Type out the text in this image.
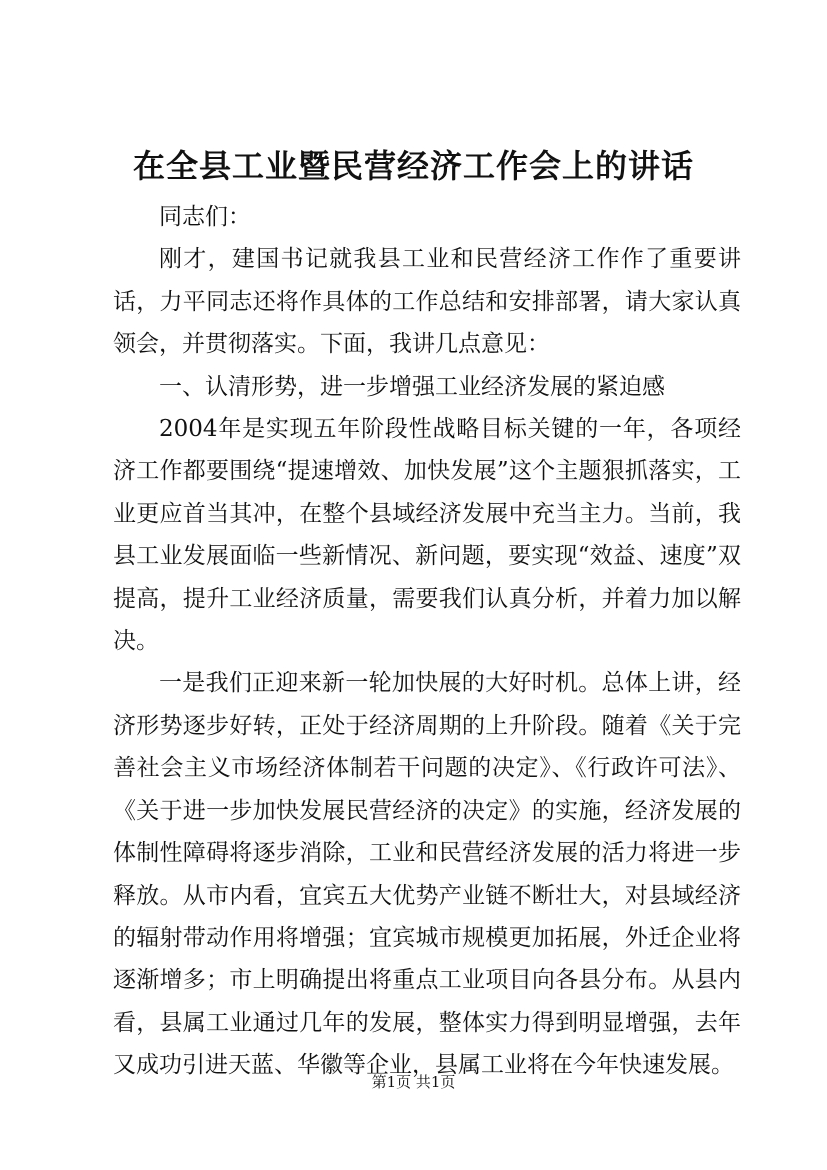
在全县工业暨民营经济工作会上的讲话

同志们：

刚才，建国书记就我县工业和民营经济工作作了重要讲话，力平同志还将作具体的工作总结和安排部署，请大家认真领会，并贯彻落实。下面，我讲几点意见：

一、认清形势，进一步增强工业经济发展的紧迫感

2004年是实现五年阶段性战略目标关键的一年，各项经济工作都要围绕“提速增效、加快发展”这个主题狠抓落实，工业更应首当其冲，在整个县域经济发展中充当主力。当前，我县工业发展面临一些新情况、新问题，要实现“效益、速度”双提高，提升工业经济质量，需要我们认真分析，并着力加以解决。

一是我们正迎来新一轮加快展的大好时机。总体上讲，经济形势逐步好转，正处于经济周期的上升阶段。随着《关于完善社会主义市场经济体制若干问题的决定》、《行政许可法》、《关于进一步加快发展民营经济的决定》的实施，经济发展的体制性障碍将逐步消除，工业和民营经济发展的活力将进一步释放。从市内看，宜宾五大优势产业链不断壮大，对县域经济的辐射带动作用将增强；宜宾城市规模更加拓展，外迁企业将逐渐增多；市上明确提出将重点工业项目向各县分布。从县内看，县属工业通过几年的发展，整体实力得到明显增强，去年又成功引进天蓝、华徽等企业，县属工业将在今年快速发展。

第1页 共1页
